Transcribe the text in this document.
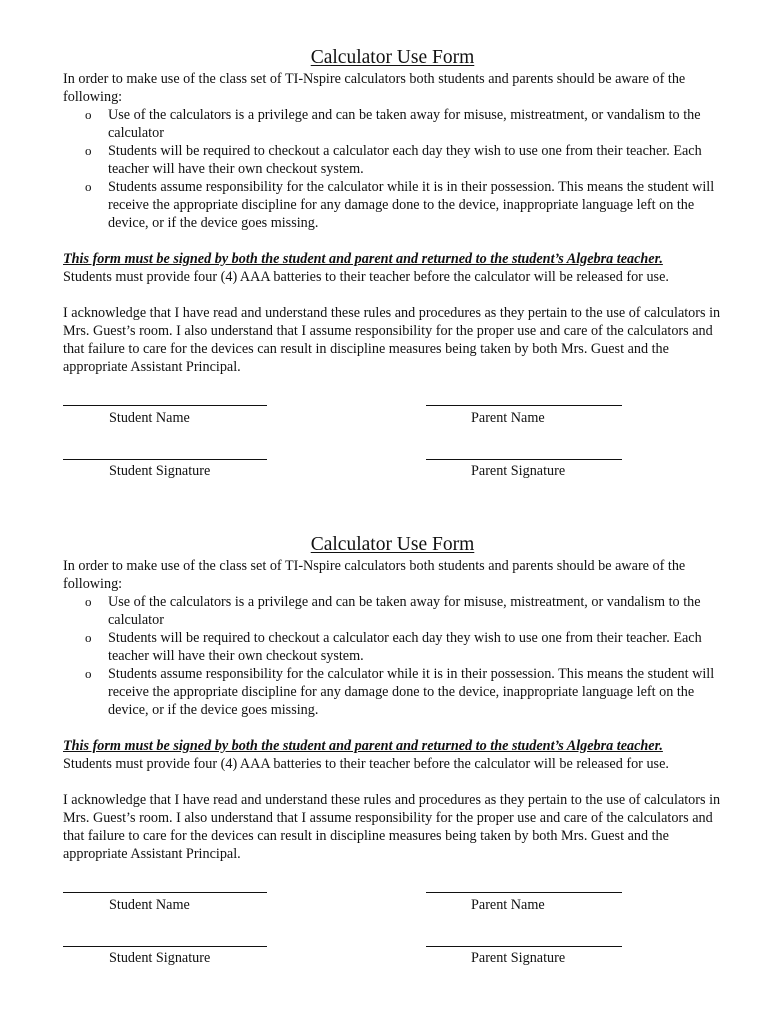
Calculator Use Form

In order to make use of the class set of TI-Nspire calculators both students and parents should be aware of the following:

o Use of the calculators is a privilege and can be taken away for misuse, mistreatment, or vandalism to the calculator
o Students will be required to checkout a calculator each day they wish to use one from their teacher. Each teacher will have their own checkout system.
o Students assume responsibility for the calculator while it is in their possession. This means the student will receive the appropriate discipline for any damage done to the device, inappropriate language left on the device, or if the device goes missing.

This form must be signed by both the student and parent and returned to the student’s Algebra teacher.

Students must provide four (4) AAA batteries to their teacher before the calculator will be released for use.

I acknowledge that I have read and understand these rules and procedures as they pertain to the use of calculators in Mrs. Guest’s room. I also understand that I assume responsibility for the proper use and care of the calculators and that failure to care for the devices can result in discipline measures being taken by both Mrs. Guest and the appropriate Assistant Principal.

Student Name	Parent Name
Student Signature	Parent Signature
Calculator Use Form

In order to make use of the class set of TI-Nspire calculators both students and parents should be aware of the following:

o Use of the calculators is a privilege and can be taken away for misuse, mistreatment, or vandalism to the calculator
o Students will be required to checkout a calculator each day they wish to use one from their teacher. Each teacher will have their own checkout system.
o Students assume responsibility for the calculator while it is in their possession. This means the student will receive the appropriate discipline for any damage done to the device, inappropriate language left on the device, or if the device goes missing.

This form must be signed by both the student and parent and returned to the student’s Algebra teacher.

Students must provide four (4) AAA batteries to their teacher before the calculator will be released for use.

I acknowledge that I have read and understand these rules and procedures as they pertain to the use of calculators in Mrs. Guest’s room. I also understand that I assume responsibility for the proper use and care of the calculators and that failure to care for the devices can result in discipline measures being taken by both Mrs. Guest and the appropriate Assistant Principal.

Student Name	Parent Name
Student Signature	Parent Signature
